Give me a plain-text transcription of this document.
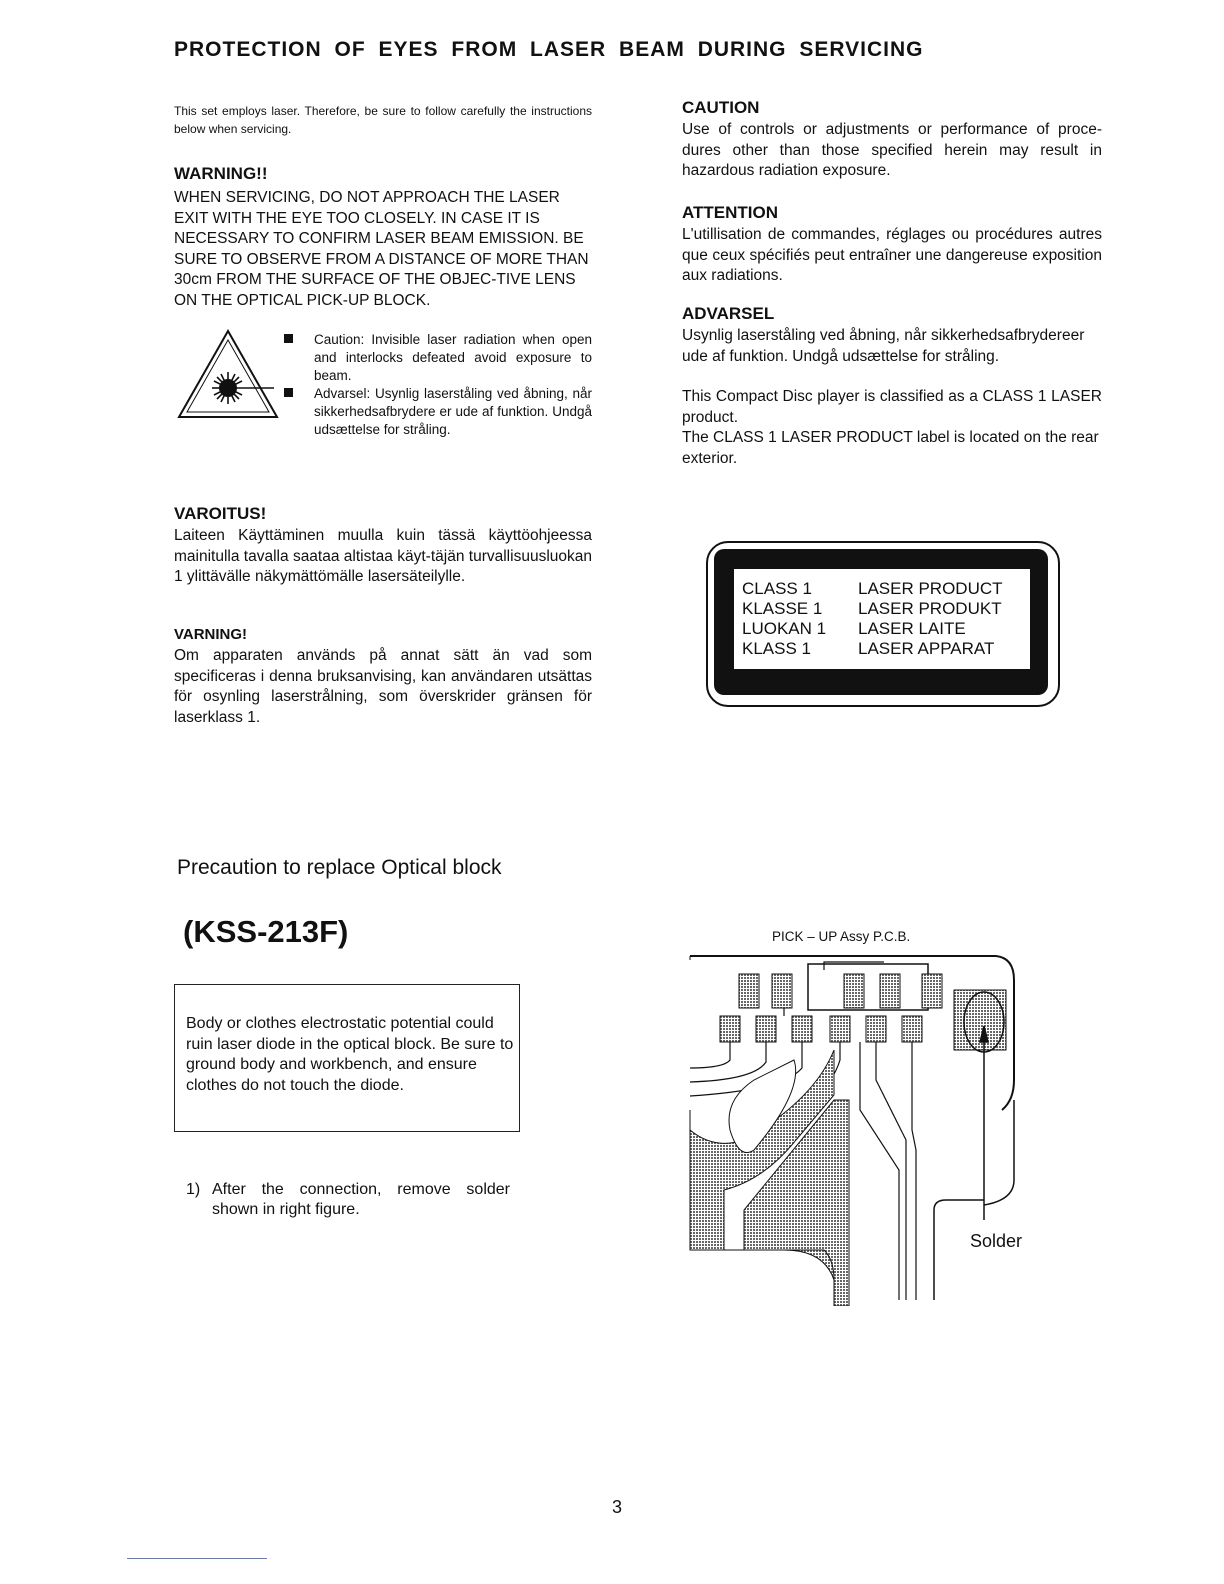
PROTECTION OF EYES FROM LASER BEAM DURING SERVICING
This set employs laser. Therefore, be sure to follow carefully the instructions below when servicing.

WARNING!!

WHEN SERVICING, DO NOT APPROACH THE LASER EXIT WITH THE EYE TOO CLOSELY. IN CASE IT IS NECESSARY TO CONFIRM LASER BEAM EMISSION. BE SURE TO OBSERVE FROM A DISTANCE OF MORE THAN 30cm FROM THE SURFACE OF THE OBJEC-TIVE LENS ON THE OPTICAL PICK-UP BLOCK.

Caution: Invisible laser radiation when open and interlocks defeated avoid exposure to beam.

Advarsel: Usynlig laserståling ved åbning, når sikkerhedsafbrydere er ude af funktion. Undgå udsættelse for stråling.

VAROITUS!

Laiteen Käyttäminen muulla kuin tässä käyttöohjeessa mainitulla tavalla saataa altistaa käyt-täjän turvallisuusluokan 1 ylittävälle näkymättömälle lasersäteilylle.

VARNING!

Om apparaten används på annat sätt än vad som specificeras i denna bruksanvising, kan användaren utsättas för osynling laserstrålning, som överskrider gränsen för laserklass 1.

CAUTION

Use of controls or adjustments or performance of proce-dures other than those specified herein may result in hazardous radiation exposure.

ATTENTION

L'utillisation de commandes, réglages ou procédures autres que ceux spécifiés peut entraîner une dangereuse exposition aux radiations.

ADVARSEL

Usynlig laserståling ved åbning, når sikkerhedsafbrydereer ude af funktion. Undgå udsættelse for stråling.

This Compact Disc player is classified as a CLASS 1 LASER product.

The CLASS 1 LASER PRODUCT label is located on the rear exterior.

CLASS 1	LASER PRODUCT
KLASSE 1 LASER PRODUKT
LUOKAN 1 LASER LAITE
KLASS 1	LASER APPARAT
Precaution to replace Optical block
(KSS-213F)

Body or clothes electrostatic potential could ruin laser diode in the optical block. Be sure to ground body and workbench, and ensure clothes do not touch the diode.

1) After the connection, remove solder shown in right figure.

PICK – UP Assy P.C.B.
Solder
3
